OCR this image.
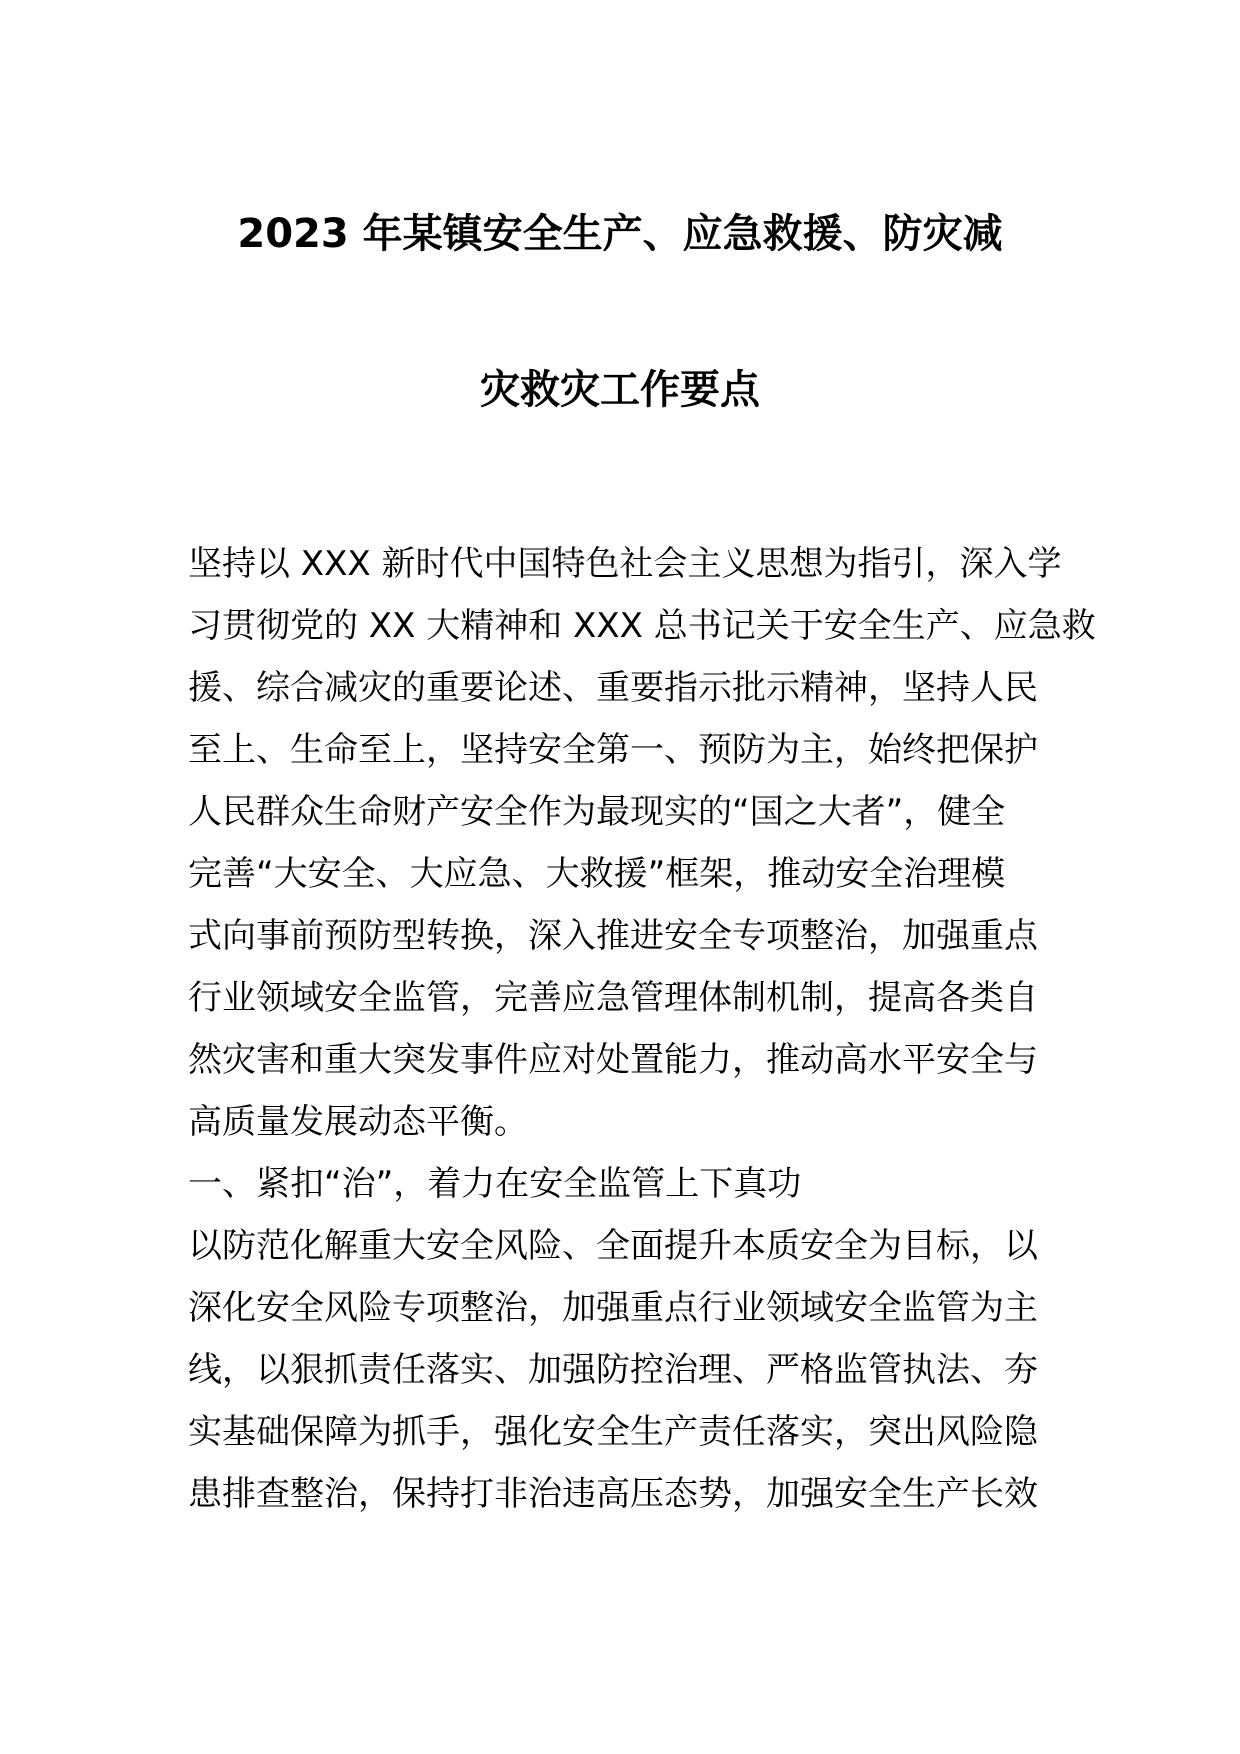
2023 年某镇安全生产、应急救援、防灾减
灾救灾工作要点
坚持以 XXX 新时代中国特色社会主义思想为指引，深入学
习贯彻党的 XX 大精神和 XXX 总书记关于安全生产、应急救
援、综合减灾的重要论述、重要指示批示精神，坚持人民
至上、生命至上，坚持安全第一、预防为主，始终把保护
人民群众生命财产安全作为最现实的“国之大者”，健全
完善“大安全、大应急、大救援”框架，推动安全治理模
式向事前预防型转换，深入推进安全专项整治，加强重点
行业领域安全监管，完善应急管理体制机制，提高各类自
然灾害和重大突发事件应对处置能力，推动高水平安全与
高质量发展动态平衡。
一、紧扣“治”，着力在安全监管上下真功
以防范化解重大安全风险、全面提升本质安全为目标，以
深化安全风险专项整治，加强重点行业领域安全监管为主
线，以狠抓责任落实、加强防控治理、严格监管执法、夯
实基础保障为抓手，强化安全生产责任落实，突出风险隐
患排查整治，保持打非治违高压态势，加强安全生产长效
